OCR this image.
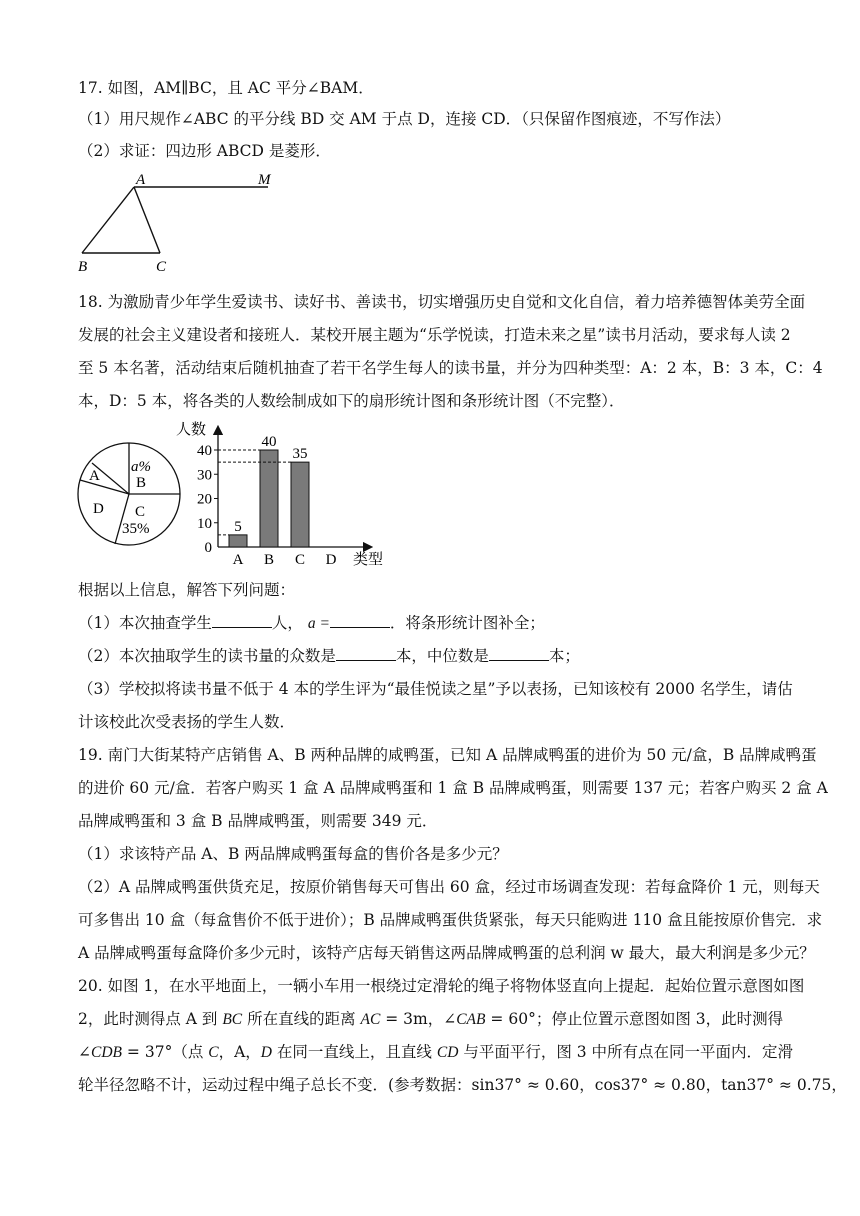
17. 如图，AM∥BC，且 AC 平分∠BAM．
（1）用尺规作∠ABC 的平分线 BD 交 AM 于点 D，连接 CD．（只保留作图痕迹，不写作法）
（2）求证：四边形 ABCD 是菱形．
A	M
B	C
18. 为激励青少年学生爱读书、读好书、善读书，切实增强历史自觉和文化自信，着力培养德智体美劳全面
发展的社会主义建设者和接班人．某校开展主题为“乐学悦读，打造未来之星”读书月活动，要求每人读 2
至 5 本名著，活动结束后随机抽查了若干名学生每人的读书量，并分为四种类型：A：2 本，B：3 本，C：4
本，D：5 本，将各类的人数绘制成如下的扇形统计图和条形统计图（不完整）．
A
a%
B
D C
35%
人数
类型
0
10
20
30
40
A
5
B
40
C
35
D
根据以上信息，解答下列问题：
（1）本次抽查学生	人， a =	．将条形统计图补全；
（2）本次抽取学生的读书量的众数是	本，中位数是	本；
（3）学校拟将读书量不低于 4 本的学生评为“最佳悦读之星”予以表扬，已知该校有 2000 名学生，请估
计该校此次受表扬的学生人数．
19. 南门大街某特产店销售 A、B 两种品牌的咸鸭蛋，已知 A 品牌咸鸭蛋的进价为 50 元/盒，B 品牌咸鸭蛋
的进价 60 元/盒．若客户购买 1 盒 A 品牌咸鸭蛋和 1 盒 B 品牌咸鸭蛋，则需要 137 元；若客户购买 2 盒 A
品牌咸鸭蛋和 3 盒 B 品牌咸鸭蛋，则需要 349 元．
（1）求该特产品 A、B 两品牌咸鸭蛋每盒的售价各是多少元？
（2）A 品牌咸鸭蛋供货充足，按原价销售每天可售出 60 盒，经过市场调查发现：若每盒降价 1 元，则每天
可多售出 10 盒（每盒售价不低于进价）；B 品牌咸鸭蛋供货紧张，每天只能购进 110 盒且能按原价售完．求
A 品牌咸鸭蛋每盒降价多少元时，该特产店每天销售这两品牌咸鸭蛋的总利润 w 最大，最大利润是多少元？
20. 如图 1，在水平地面上，一辆小车用一根绕过定滑轮的绳子将物体竖直向上提起．起始位置示意图如图
2，此时测得点 A 到 BC 所在直线的距离 AC = 3m，∠CAB = 60°；停止位置示意图如图 3，此时测得
∠CDB = 37°（点 C，A，D 在同一直线上，且直线 CD 与平面平行，图 3 中所有点在同一平面内．定滑
轮半径忽略不计，运动过程中绳子总长不变．(参考数据：sin37° ≈ 0.60，cos37° ≈ 0.80，tan37° ≈ 0.75，
